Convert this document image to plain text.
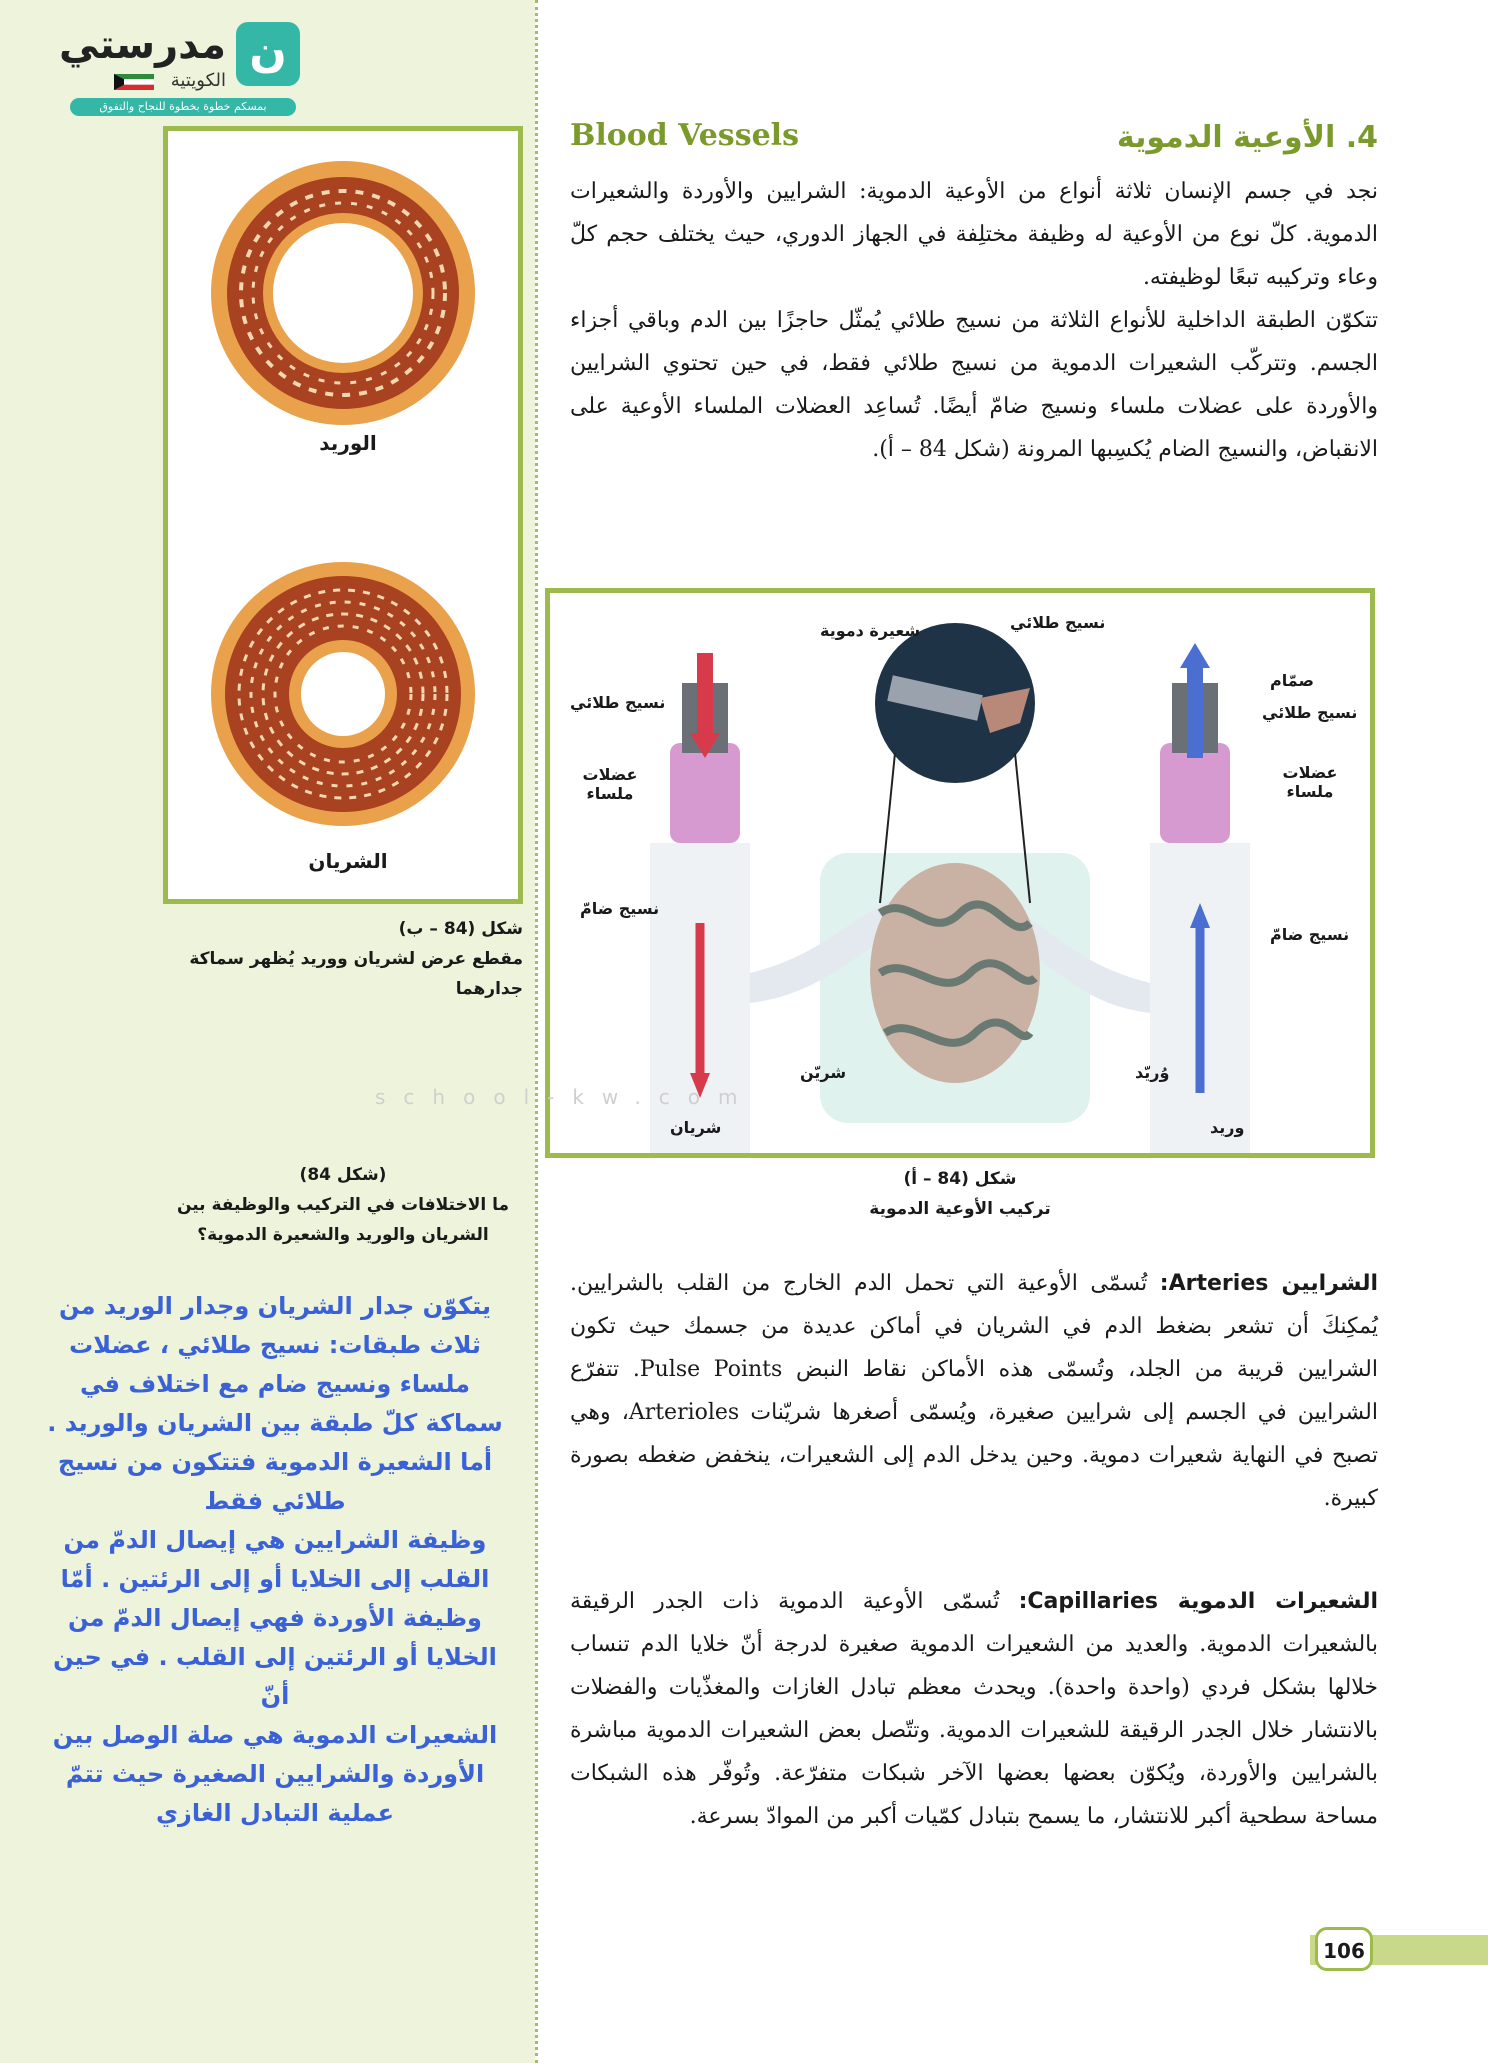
ن
مدرستي
الكويتية
بمسكم خطوة بخطوة للنجاح والتفوق
الوريد
الشريان
شكل (84 – ب)
مقطع عرض لشريان ووريد يُظهر سماكة جدارهما
(شكل 84)
ما الاختلافات في التركيب والوظيفة بين الشريان والوريد والشعيرة الدموية؟

يتكوّن جدار الشريان وجدار الوريد من ثلاث طبقات: نسيج طلائي ، عضلات ملساء ونسيج ضام مع اختلاف في سماكة كلّ طبقة بين الشريان والوريد . أما الشعيرة الدموية فتتكون من نسيج طلائي فقط

وظيفة الشرايين هي إيصال الدمّ من القلب إلى الخلايا أو إلى الرئتين . أمّا وظيفة الأوردة فهي إيصال الدمّ من الخلايا أو الرئتين إلى القلب . في حين أنّ

الشعيرات الدموية هي صلة الوصل بين الأوردة والشرايين الصغيرة حيث تتمّ عملية التبادل الغازي

4. الأوعية الدموية
Blood Vessels

نجد في جسم الإنسان ثلاثة أنواع من الأوعية الدموية: الشرايين والأوردة والشعيرات الدموية. كلّ نوع من الأوعية له وظيفة مختلِفة في الجهاز الدوري، حيث يختلف حجم كلّ وعاء وتركيبه تبعًا لوظيفته.

تتكوّن الطبقة الداخلية للأنواع الثلاثة من نسيج طلائي يُمثّل حاجزًا بين الدم وباقي أجزاء الجسم. وتتركّب الشعيرات الدموية من نسيج طلائي فقط، في حين تحتوي الشرايين والأوردة على عضلات ملساء ونسيج ضامّ أيضًا. تُساعِد العضلات الملساء الأوعية على الانقباض، والنسيج الضام يُكسِبها المرونة (شكل 84 – أ).

شعيرة دموية	نسيج طلائي
نسيج طلائي
عضلات ملساء
نسيج ضامّ
شريّن
شريان
صمّام
نسيج طلائي
عضلات ملساء
نسيج ضامّ
وُريّد
وريد
school-kw.com
شكل (84 – أ)
تركيب الأوعية الدموية

الشرايين Arteries: تُسمّى الأوعية التي تحمل الدم الخارج من القلب بالشرايين. يُمكِنكَ أن تشعر بضغط الدم في الشريان في أماكن عديدة من جسمك حيث تكون الشرايين قريبة من الجلد، وتُسمّى هذه الأماكن نقاط النبض Pulse Points. تتفرّع الشرايين في الجسم إلى شرايين صغيرة، ويُسمّى أصغرها شريّنات Arterioles، وهي تصبح في النهاية شعيرات دموية. وحين يدخل الدم إلى الشعيرات، ينخفض ضغطه بصورة كبيرة.

الشعيرات الدموية Capillaries: تُسمّى الأوعية الدموية ذات الجدر الرقيقة بالشعيرات الدموية. والعديد من الشعيرات الدموية صغيرة لدرجة أنّ خلايا الدم تنساب خلالها بشكل فردي (واحدة واحدة). ويحدث معظم تبادل الغازات والمغذّيات والفضلات بالانتشار خلال الجدر الرقيقة للشعيرات الدموية. وتتّصل بعض الشعيرات الدموية مباشرة بالشرايين والأوردة، ويُكوّن بعضها بعضها الآخر شبكات متفرّعة. وتُوفّر هذه الشبكات مساحة سطحية أكبر للانتشار، ما يسمح بتبادل كمّيات أكبر من الموادّ بسرعة.

106
